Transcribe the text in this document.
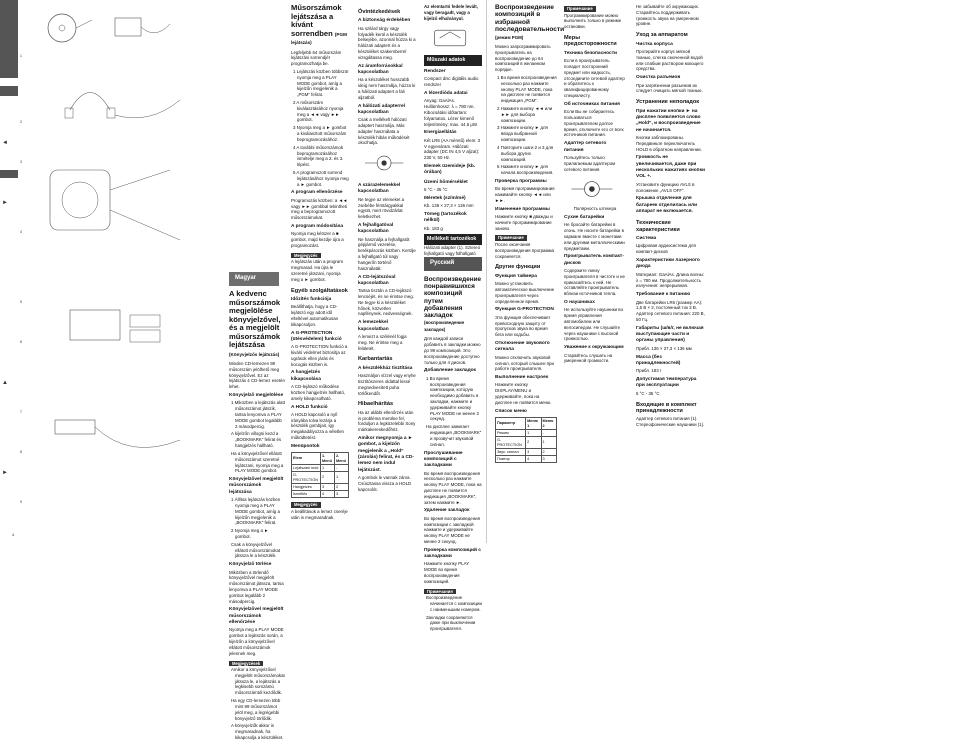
◄
►
▲
►
1
2
3
4
5
6
7
8
9
4
Magyar
A kedvenc műsorszámok megjelölése könyvjelzővel, és a megjelölt műsorszámok lejátszása (Könyvjelzős lejátszás)

Minden CD-lemezen 99 műsorszám jelölhető meg könyvjelzővel. Ez az lejátszás 4 CD-lemez esetén lehet.

Könyvjelző megjelölése

1 Miközben a lejátszás alatt műsorszámot játszik, tartsa lenyomva a PLAY MODE gombot legalább 2 másodpercig.

A kijelzőn villogni kezd a „BOOKMARK” felirat és hangjelzés hallható.

Ha a könyvjelzővel ellátott műsorszámot szeretné lejátszani, nyomja meg a PLAY MODE gombot.

Könyvjelzővel megjelölt műsorszámok lejátszása

1 Állítsa lejátszás közben nyomja meg a PLAY MODE gombot, amíg a kijelzőn megjelenik a „BOOKMARK” felirat.

2 Nyomja meg a ► gombot.

Csak a könyvjelzővel ellátott műsorszámokat játssza le a készülék.

Könyvjelző törlése

Miközben a törlendő könyvjelzővel megjelölt műsorszámot játssza, tartsa lenyomva a PLAY MODE gombot legalább 2 másodpercig.

Könyvjelzővel megjelölt műsorszámok ellenőrzése

Nyomja meg a PLAY MODE gombot a lejátszás során, a kijelzőn a könyvjelzővel ellátott műsorszámok jelennek meg.

Megjegyzések

Amikor a könyvjelzővel megjelölt műsorszámokat játssza le, a lejátszás a legkisebb sorszámú műsorszámtól kezdődik.

Ha egy CD-lemezen több mint 99 műsorszámot jelöl meg, a legrégebbi könyvjelző törlődik.

A könyvjelzők akkor is megmaradnak, ha kikapcsolja a készüléket.

Műsorszámok lejátszása a kívánt sorrendben (PGM lejátszás)

Legfeljebb 64 műsorszám lejátszási sorrendjét programozhatja be.

1 Lejátszás közben többször nyomja meg a PLAY MODE gombot, amíg a kijelzőn megjelenik a „PGM” felirat.

2 A műsorszám kiválasztásához nyomja meg a ◄◄ vagy ►► gombot.

3 Nyomja meg a ► gombot a kiválasztott műsorszám beprogramozásához.

4 A további műsorszámok beprogramozásához ismételje meg a 2. és 3. lépést.

5 A programozott sorrend lejátszásához nyomja meg a ► gombot.

A program ellenőrzése

Programozás közben: a ◄◄ vagy ►► gombbal tekintheti meg a beprogramozott műsorszámokat.

A program módosítása

Nyomja meg kétszer a ■ gombot, majd kezdje újra a programozást.

Megjegyzés

A lejátszás után a program megmarad. Ha újra le szeretné játszani, nyomja meg a ► gombot.

Egyéb szolgáltatások
Időzítés funkciója

Beállíthatja, hogy a CD-lejátszó egy adott idő elteltével automatikusan kikapcsoljon.

A G-PROTECTION (ütésvédelem) funkció

A G-PROTECTION funkció a kiváló védelmet biztosítja az ugrások ellen járás és kocogás közben is.

A hangjelzés kikapcsolása

A CD-lejátszó működése közben hangjelzés hallható, amely kikapcsolható.

A HOLD funkció

A HOLD kapcsoló a nyíl irányába tolva lezárja a készülék gombjait, így megakadályozza a véletlen működtetést.

Menüpontok
Elem	1. Menü	2. Menü
Lejátszási mód	1	-
G-PROTECTION	2	1
Hangjelzés	3	2
Ismétlés	4	3
Megjegyzés

A beállítások a lemez cseréje után is megmaradnak.

Óvintézkedések
A biztonság érdekében

Ha szilárd tárgy vagy folyadék kerül a készülék belsejébe, azonnal húzza ki a hálózati adaptert és a készüléket szakemberrel vizsgáltassa meg.

Az áramforrásokkal kapcsolatban

Ha a készüléket hosszabb ideig nem használja, húzza ki a hálózati adaptert a fali aljzatból.

A hálózati adapterrel kapcsolatban

Csak a mellékelt hálózati adaptert használja. Más adapter használata a készülék hibás működését okozhatja.

A szárazelemekkel kapcsolatban

Ne tegye az elemeket a zsebébe fémtárgyakkal együtt, mert rövidzárlat keletkezhet.

A fejhallgatóval kapcsolatban

Ne használja a fejhallgatót gépjármű vezetése, kerékpározás közben. Kerülje a fejhallgató túl nagy hangerőn történő használatát.

A CD-lejátszóval kapcsolatban

Tartsa tisztán a CD-lejátszó lencséjét, és ne érintse meg. Ne tegye ki a készüléket hőnek, közvetlen napfénynek, nedvességnek.

A lemezekkel kapcsolatban

A lemezt a szélénél fogja meg. Ne érintse meg a felületét.

Karbantartás
A készülékház tisztítása

Használjon vízzel vagy enyhe tisztítószeres oldattal kissé megnedvesített puha törlőkendőt.

Hibaelhárítás

Ha az alábbi ellenőrzés után is probléma merülne fel, forduljon a legközelebbi Sony márkakereskedőhöz.

Amikor megnyomja a ► gombot, a kijelzőn megjelenik a „Hold” (zárolás) felirat, és a CD-lemez nem indul lejátszást.

A gombok le vannak zárva. Csúsztassa vissza a HOLD kapcsolót.

Az elemtartó fedele levált, vagy beragadt, vagy a kijelző elhalványul.

Műszaki adatok
Rendszer

Compact disc digitális audio rendszer

A lézerdióda adatai

Anyag: GaAlAs. Hullámhossz: λ = 780 nm. Kibocsátási időtartam: folyamatos. Lézer kimenő teljesítmény: max. 44,6 μW.

Energiaellátás

Két LR6 (AA méretű) elem: 3 V egyenáram. Hálózati adapter (DC IN 4,5 V aljzat): 230 V, 50 Hz.

Elemek üzemideje (kb. órában)
Üzemi hőmérséklet

5 °C - 35 °C

Méretek (sz/m/mé)

Kb. 136 × 27,3 × 136 mm

Tömeg (tartozékok nélkül)

Kb. 183 g

Mellékelt tartozékok

Hálózati adapter (1). Sztereó fejhallgató vagy fülhallgató

Русский
Воспроизведение понравившихся композиций путем добавления закладок (воспроизведение закладок)

Для каждой записи добавить в закладки можно до 99 композиций. Это воспроизведение доступно только для 4 дисков.

Добавление закладок

1 Во время воспроизведения композиции, которую необходимо добавить в закладки, нажмите и удерживайте кнопку PLAY MODE не менее 2 секунд.

На дисплее замигает индикация „BOOKMARK” и прозвучит звуковой сигнал.

Прослушивание композиций с закладками

Во время воспроизведения несколько раз нажмите кнопку PLAY MODE, пока на дисплее не появится индикация „BOOKMARK”, затем нажмите ►.

Удаление закладок

Во время воспроизведения композиции с закладкой нажмите и удерживайте кнопку PLAY MODE не менее 2 секунд.

Проверка композиций с закладками

Нажмите кнопку PLAY MODE во время воспроизведения композиций.

Примечания

Воспроизведение начинается с композиции с наименьшим номером.

Закладки сохраняются даже при выключении проигрывателя.

Воспроизведение композиций в избранной последовательности (режим PGM)

Можно запрограммировать проигрыватель на воспроизведение до 64 композиций в желаемом порядке.

1 Во время воспроизведения несколько раз нажмите кнопку PLAY MODE, пока на дисплее не появится индикация „PGM”.

2 Нажмите кнопку ◄◄ или ►► для выбора композиции.

3 Нажмите кнопку ► для ввода выбранной композиции.

4 Повторите шаги 2 и 3 для выбора других композиций.

5 Нажмите кнопку ► для начала воспроизведения.

Проверка программы

Во время программирования нажимайте кнопку ◄◄ или ►►.

Изменение программы

Нажмите кнопку ■ дважды и начните программирование заново.

Примечание

После окончания воспроизведения программа сохраняется.

Другие функции
Функция таймера

Можно установить автоматическое выключение проигрывателя через определенное время.

Функция G-PROTECTION

Эта функция обеспечивает превосходную защиту от пропусков звука во время бега или ходьбы.

Отключение звукового сигнала

Можно отключить звуковой сигнал, который слышен при работе проигрывателя.

Выполнение настроек

Нажмите кнопку DISPLAY/MENU и удерживайте, пока на дисплее не появится меню.

Список меню
Параметр	Меню 1	Меню 2
Режим	1	-
G-PROTECTION	2	1
Звук. сигнал	3	2
Повтор	4	3
Примечание

Программирование можно выполнить только в режиме остановки.

Меры предосторожности
Техника безопасности

Если в проигрыватель попадет посторонний предмет или жидкость, отсоедините сетевой адаптер и обратитесь к квалифицированному специалисту.

Об источниках питания

Если Вы не собираетесь пользоваться проигрывателем долгое время, отключите его от всех источников питания.

Адаптер сетевого питания

Пользуйтесь только прилагаемым адаптером сетевого питания.

Полярность штекера

Сухие батарейки

Не бросайте батарейки в огонь. Не носите батарейки в кармане вместе с монетами или другими металлическими предметами.

Проигрыватель компакт-дисков

Содержите линзу проигрывателя в чистоте и не прикасайтесь к ней. Не оставляйте проигрыватель вблизи источников тепла.

О наушниках

Не используйте наушники во время управления автомобилем или велосипедом. Не слушайте через наушники с высокой громкостью.

Уважение к окружающим

Старайтесь слушать на умеренной громкости.

Не забывайте об окружающих. Старайтесь поддерживать громкость звука на умеренном уровне.

Уход за аппаратом
Чистка корпуса

Протирайте корпус мягкой тканью, слегка смоченной водой или слабым раствором моющего средства.

Очистка разъемов

При загрязнении разъемов их следует очищать мягкой тканью.

Устранение неполадок
При нажатии кнопки ► на дисплее появляется слово „Hold”, и воспроизведение не начинается.

Кнопки заблокированы. Передвиньте переключатель HOLD в обратном направлении.

Громкость не увеличивается, даже при нескольких нажатиях кнопки VOL +.

Установите функцию AVLS в положение „AVLS OFF”.

Крышка отделения для батареек отделилась или аппарат не включается.
Технические характеристики
Система

Цифровая аудиосистема для компакт-дисков

Характеристики лазерного диода

Материал: GaAlAs. Длина волны: λ = 780 нм. Продолжительность излучения: непрерывная.

Требования к питанию

Две батарейки LR6 (размер AA): 1,5 В × 2, постоянный ток 3 В. Адаптер сетевого питания: 220 В, 50 Гц.

Габариты (ш/в/г, не включая выступающие части и органы управления)

Прибл. 136 × 27,3 × 136 мм

Масса (без принадлежностей)

Прибл. 183 г

Допустимая температура при эксплуатации

5 °C - 35 °C

Входящие в комплект принадлежности

Адаптер сетевого питания (1). Стереофонические наушники (1).
